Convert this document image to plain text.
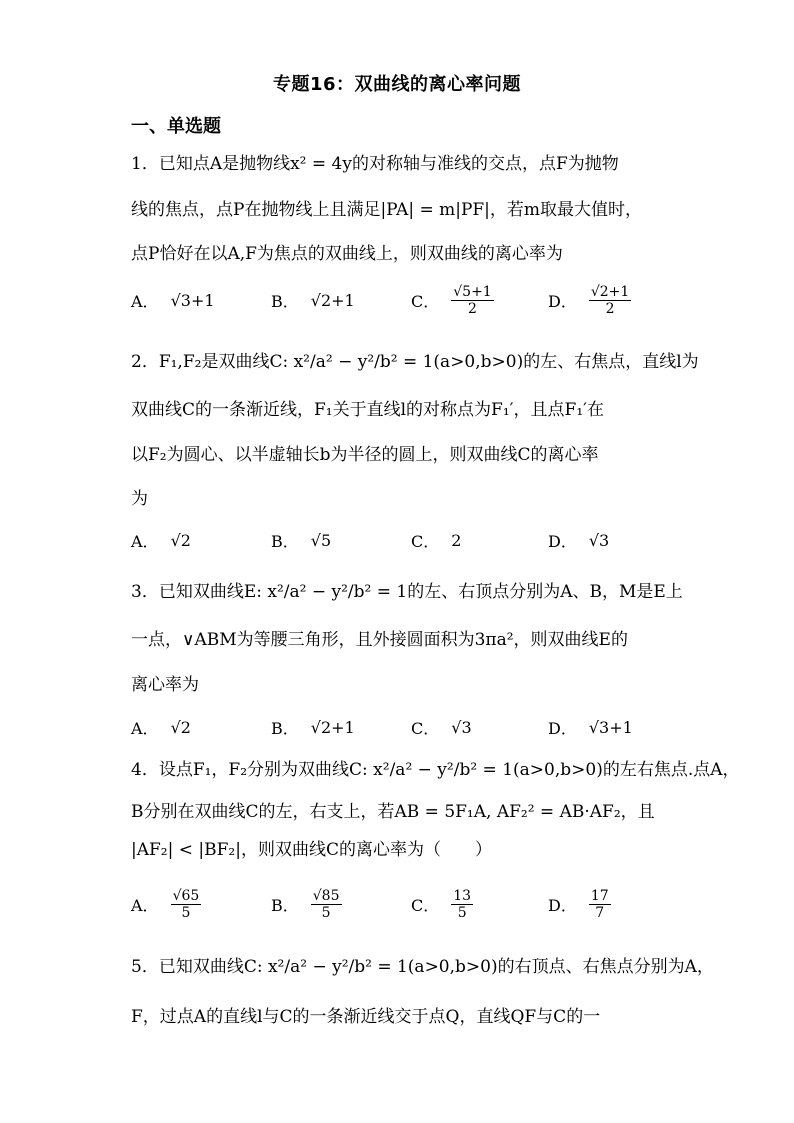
专题16：双曲线的离心率问题
一、单选题
1．已知点A是抛物线x² = 4y的对称轴与准线的交点，点F为抛物
线的焦点，点P在抛物线上且满足|PA| = m|PF|，若m取最大值时，
点P恰好在以A,F为焦点的双曲线上，则双曲线的离心率为
A． √3+1	B． √2+1	C． $\frac{√5+1}{2}$	D． $\frac{√2+1}{2}$
2．F₁,F₂是双曲线C: x²/a² − y²/b² = 1(a>0,b>0)的左、右焦点，直线l为
双曲线C的一条渐近线，F₁关于直线l的对称点为F₁′，且点F₁′在
以F₂为圆心、以半虚轴长b为半径的圆上，则双曲线C的离心率
为
A． √2	B． √5	C． 2	D． √3
3．已知双曲线E: x²/a² − y²/b² = 1的左、右顶点分别为A、B，M是E上
一点，∨ABM为等腰三角形，且外接圆面积为3πa²，则双曲线E的
离心率为
A． √2	B． √2+1	C． √3	D． √3+1
4．设点F₁，F₂分别为双曲线C: x²/a² − y²/b² = 1(a>0,b>0)的左右焦点.点A，
B分别在双曲线C的左，右支上，若AB = 5F₁A, AF₂² = AB·AF₂，且
|AF₂| < |BF₂|，则双曲线C的离心率为（　　）
A． $\frac{√65}{5}$	B． $\frac{√85}{5}$	C． $\frac{13}{5}$	D． $\frac{17}{7}$
5．已知双曲线C: x²/a² − y²/b² = 1(a>0,b>0)的右顶点、右焦点分别为A，
F，过点A的直线l与C的一条渐近线交于点Q，直线QF与C的一
